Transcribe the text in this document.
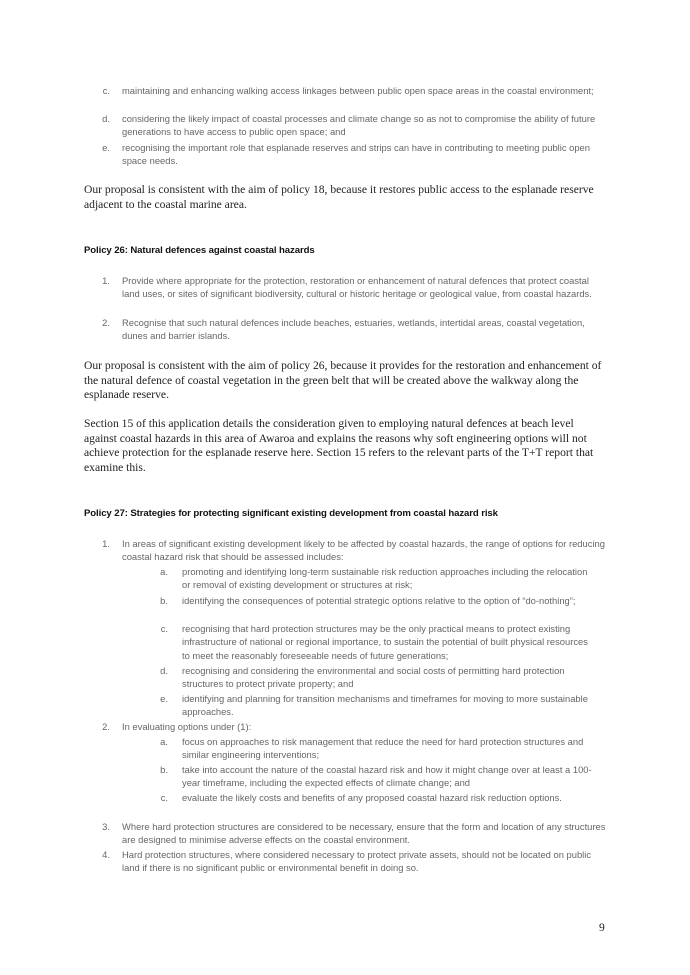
c. maintaining and enhancing walking access linkages between public open space areas in the coastal environment;
d. considering the likely impact of coastal processes and climate change so as not to compromise the ability of future generations to have access to public open space; and
e. recognising the important role that esplanade reserves and strips can have in contributing to meeting public open space needs.
Our proposal is consistent with the aim of policy 18, because it restores public access to the esplanade reserve adjacent to the coastal marine area.
Policy 26: Natural defences against coastal hazards
1. Provide where appropriate for the protection, restoration or enhancement of natural defences that protect coastal land uses, or sites of significant biodiversity, cultural or historic heritage or geological value, from coastal hazards.
2. Recognise that such natural defences include beaches, estuaries, wetlands, intertidal areas, coastal vegetation, dunes and barrier islands.
Our proposal is consistent with the aim of policy 26, because it provides for the restoration and enhancement of the natural defence of coastal vegetation in the green belt that will be created above the walkway along the esplanade reserve.
Section 15 of this application details the consideration given to employing natural defences at beach level against coastal hazards in this area of Awaroa and explains the reasons why soft engineering options will not achieve protection for the esplanade reserve here. Section 15 refers to the relevant parts of the T+T report that examine this.
Policy 27: Strategies for protecting significant existing development from coastal hazard risk
1. In areas of significant existing development likely to be affected by coastal hazards, the range of options for reducing coastal hazard risk that should be assessed includes:
a. promoting and identifying long-term sustainable risk reduction approaches including the relocation or removal of existing development or structures at risk;
b. identifying the consequences of potential strategic options relative to the option of “do-nothing”;
c. recognising that hard protection structures may be the only practical means to protect existing infrastructure of national or regional importance, to sustain the potential of built physical resources to meet the reasonably foreseeable needs of future generations;
d. recognising and considering the environmental and social costs of permitting hard protection structures to protect private property; and
e. identifying and planning for transition mechanisms and timeframes for moving to more sustainable approaches.
2. In evaluating options under (1):
a. focus on approaches to risk management that reduce the need for hard protection structures and similar engineering interventions;
b. take into account the nature of the coastal hazard risk and how it might change over at least a 100-year timeframe, including the expected effects of climate change; and
c. evaluate the likely costs and benefits of any proposed coastal hazard risk reduction options.
3. Where hard protection structures are considered to be necessary, ensure that the form and location of any structures are designed to minimise adverse effects on the coastal environment.
4. Hard protection structures, where considered necessary to protect private assets, should not be located on public land if there is no significant public or environmental benefit in doing so.
9
